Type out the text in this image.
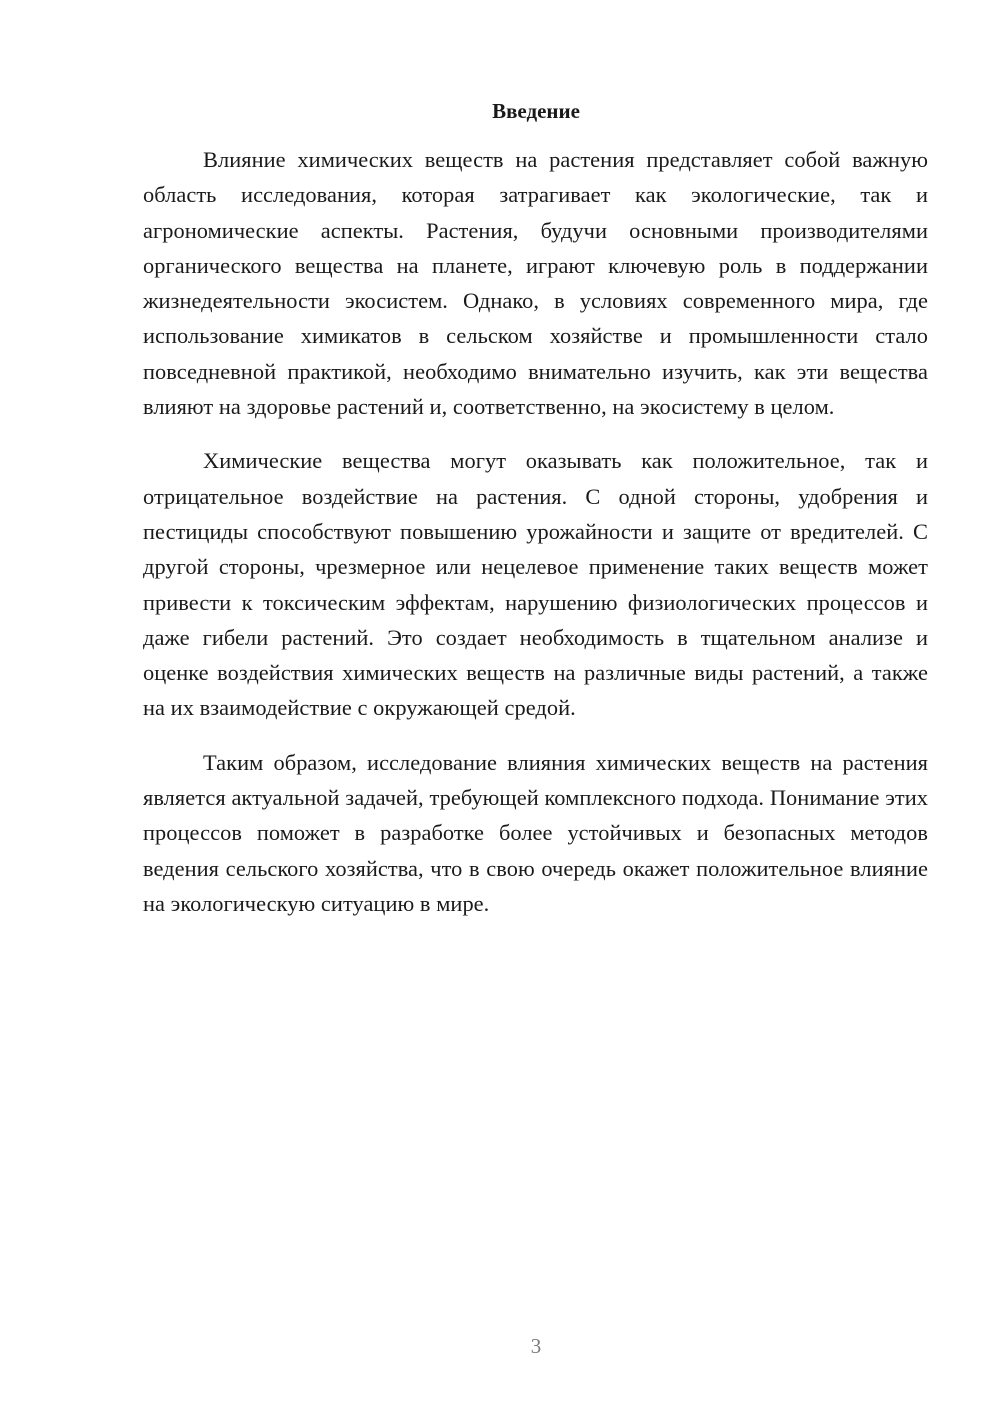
Введение

Влияние химических веществ на растения представляет собой важную область исследования, которая затрагивает как экологические, так и агрономические аспекты. Растения, будучи основными производителями органического вещества на планете, играют ключевую роль в поддержании жизнедеятельности экосистем. Однако, в условиях современного мира, где использование химикатов в сельском хозяйстве и промышленности стало повседневной практикой, необходимо внимательно изучить, как эти вещества влияют на здоровье растений и, соответственно, на экосистему в целом.

Химические вещества могут оказывать как положительное, так и отрицательное воздействие на растения. С одной стороны, удобрения и пестициды способствуют повышению урожайности и защите от вредителей. С другой стороны, чрезмерное или нецелевое применение таких веществ может привести к токсическим эффектам, нарушению физиологических процессов и даже гибели растений. Это создает необходимость в тщательном анализе и оценке воздействия химических веществ на различные виды растений, а также на их взаимодействие с окружающей средой.

Таким образом, исследование влияния химических веществ на растения является актуальной задачей, требующей комплексного подхода. Понимание этих процессов поможет в разработке более устойчивых и безопасных методов ведения сельского хозяйства, что в свою очередь окажет положительное влияние на экологическую ситуацию в мире.

3
